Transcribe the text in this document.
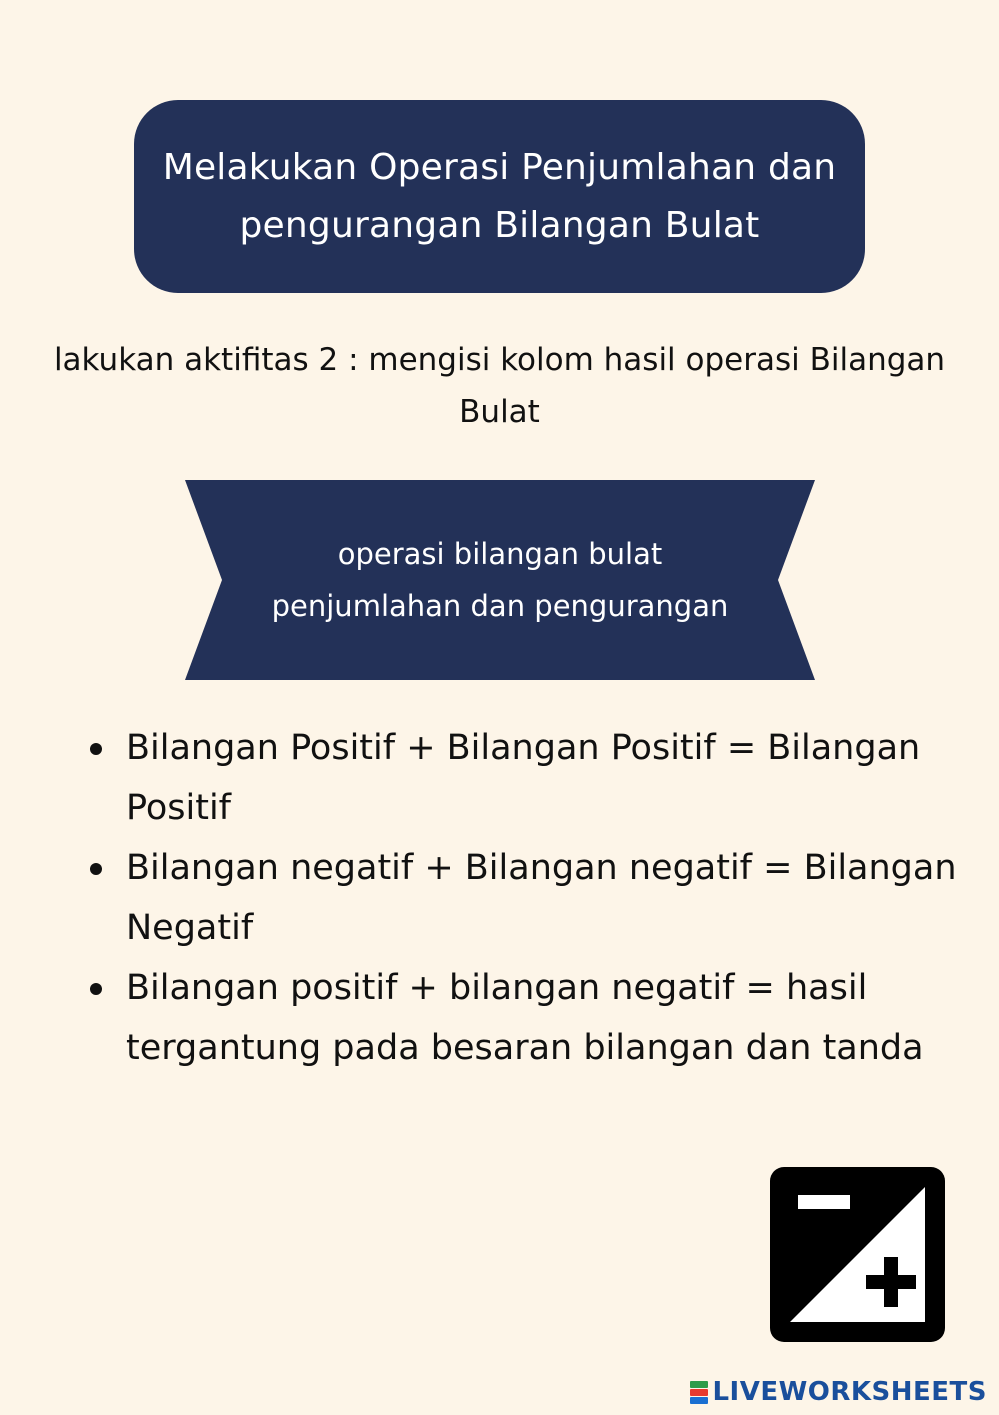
Melakukan Operasi Penjumlahan dan
pengurangan Bilangan Bulat
lakukan aktifitas 2 : mengisi kolom hasil operasi Bilangan
Bulat
operasi bilangan bulat
penjumlahan dan pengurangan
Bilangan Positif + Bilangan Positif = Bilangan Positif
Bilangan negatif + Bilangan negatif = Bilangan Negatif
Bilangan positif + bilangan negatif = hasil tergantung pada besaran bilangan dan tanda
LIVEWORKSHEETS
